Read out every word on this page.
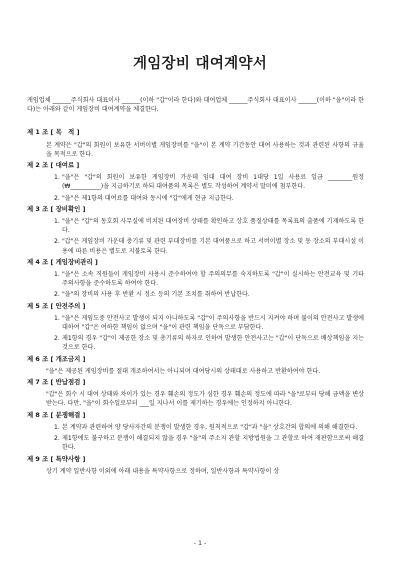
게임장비 대여계약서

게임업체 ______주식회사 대표이사 ______(이하 "갑"이라 한다)와 대여업체 ______주식회사 대표이사 ______(이하 "을"이라 한다)는 아래와 같이 게임장비 대여계약을 체결한다.

제 1 조 [ 목　적 ]

본 계약은 "갑"의 회원이 보유한 서버이별 게임장비를 "을"이 본 계약 기간동안 대여 사용하는 것과 관련된 사항의 규율을 목적으로 한다.

제 2 조 [ 대여료 ]
1. "을"은 "갑"의 회원이 보유한 게임장비 가운데 임대 대여 장비 1대당 1일 사용료 일금 ________원정 (₩__________)을 지급하기로 하되 대여품의 목록은 별도 작성하여 계약서 말미에 첨부한다.
2. "을"은 제1항의 대여료를 대여와 동시에 "갑"에게 현금 지급한다.
제 3 조 [ 장비확인 ]
1. "을"은 "갑"의 동호회 사무실에 비치된 대여장비 상태를 확인하고 상호 품질상태를 목록표의 출품에 기재하도록 한다.
2. "갑"은 게임장비 가운데 충기류 및 관련 부대장비를 기본 대여품으로 하고 서버이별 장소 및 동 장소의 부대시설 이용에 따른 비용은 별도로 지불토록 한다.
제 4 조 [ 게임장비관리 ]
1. "을"은 소속 직원들이 게임장비 사용시 준수하여야 할 주의의무를 숙지하도록 "갑"이 실시하는 안전교육 및 기타 주의사항을 준수하도록 하여야 한다.
2. "을"의 장비의 사용 후 반환 시 정소 등의 기본 조치를 취하여 반납한다.
제 5 조 [ 안전주의 ]
1. "을"은 게임도중 안전사고 발생이 되지 아니하도록 "갑"이 주의사항을 반드시 지켜야 하며 불이의 안전사고 발생에 대하여 "갑"은 여하한 책임이 없으며 "을"이 관련 책임을 단독으로 부담한다.
2. 제1항의 경우 "갑"이 제공한 장소 및 총기류의 하자로 인하여 발생한 안전사고는 "갑"이 단독으로 배상책임을 지는 것으로 한다.
제 6 조 [ 개조금지 ]

"을"은 제공된 게임장비를 절대 개조하여서는 아니되며 대여당시의 상태대로 사용하고 반환하여야 한다.

제 7 조 [ 반납점검 ]

"갑"은 회수 시 대여 상태와 차이가 있는 경우 훼손의 정도가 심한 경우 훼손의 정도에 따라 "을"로부터 당해 금액을 변상받는다. 다만, "을"이 회수일로부터 ___일 지나서 이를 제기하는 경우에는 인정하지 아니한다.

제 8 조 [ 분쟁해결 ]
1. 본 계약과 관련하여 양 당사자간의 분쟁이 발생한 경우, 원칙적으로 "갑"과 "을" 상호간의 합의에 의해 해결한다.
2. 제1항에도 불구하고 분쟁이 해결되지 않을 경우 "을"의 주소지 관할 지방법원을 그 관할로 하여 재판함으로써 해결한다.
제 9 조 [ 특약사항 ]

상기 계약 일반사항 이외에 아래 내용을 특약사항으로 정하며, 일반사항과 특약사항이 상

- 1 -
